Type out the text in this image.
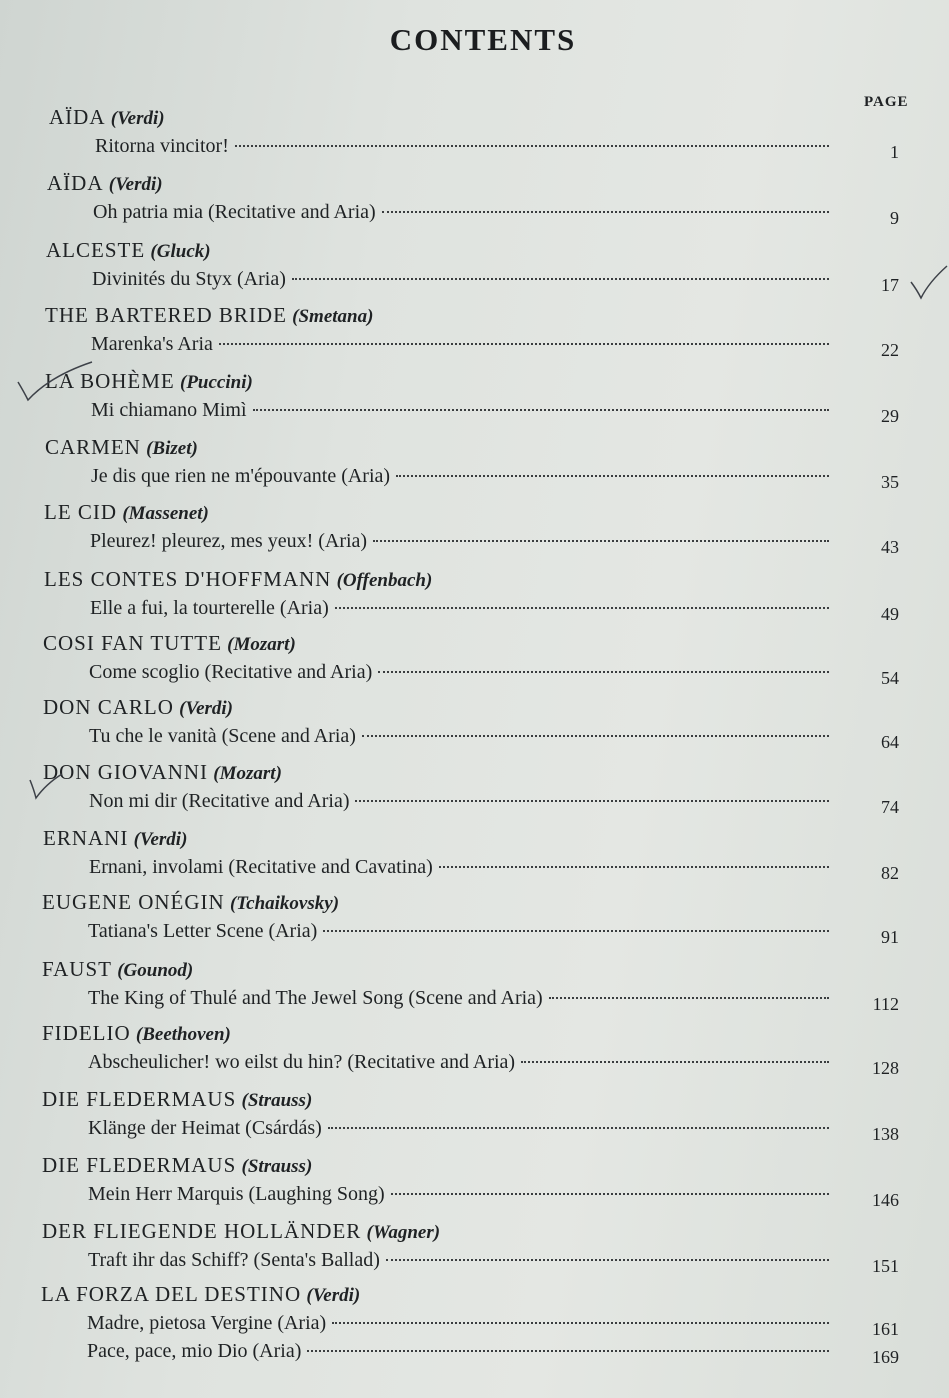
CONTENTS
PAGE
AÏDA (Verdi)
Ritorna vincitor!	1
AÏDA (Verdi)
Oh patria mia (Recitative and Aria)	9
ALCESTE (Gluck)
Divinités du Styx (Aria)	17
THE BARTERED BRIDE (Smetana)
Marenka's Aria	22
LA BOHÈME (Puccini)
Mi chiamano Mimì	29
CARMEN (Bizet)
Je dis que rien ne m'épouvante (Aria)	35
LE CID (Massenet)
Pleurez! pleurez, mes yeux! (Aria)	43
LES CONTES D'HOFFMANN (Offenbach)
Elle a fui, la tourterelle (Aria)	49
COSI FAN TUTTE (Mozart)
Come scoglio (Recitative and Aria)	54
DON CARLO (Verdi)
Tu che le vanità (Scene and Aria)	64
DON GIOVANNI (Mozart)
Non mi dir (Recitative and Aria)	74
ERNANI (Verdi)
Ernani, involami (Recitative and Cavatina)	82
EUGENE ONÉGIN (Tchaikovsky)
Tatiana's Letter Scene (Aria)	91
FAUST (Gounod)
The King of Thulé and The Jewel Song (Scene and Aria)	112
FIDELIO (Beethoven)
Abscheulicher! wo eilst du hin? (Recitative and Aria)	128
DIE FLEDERMAUS (Strauss)
Klänge der Heimat (Csárdás)	138
DIE FLEDERMAUS (Strauss)
Mein Herr Marquis (Laughing Song)	146
DER FLIEGENDE HOLLÄNDER (Wagner)
Traft ihr das Schiff? (Senta's Ballad)	151
LA FORZA DEL DESTINO (Verdi)
Madre, pietosa Vergine (Aria)	161
Pace, pace, mio Dio (Aria)	169
